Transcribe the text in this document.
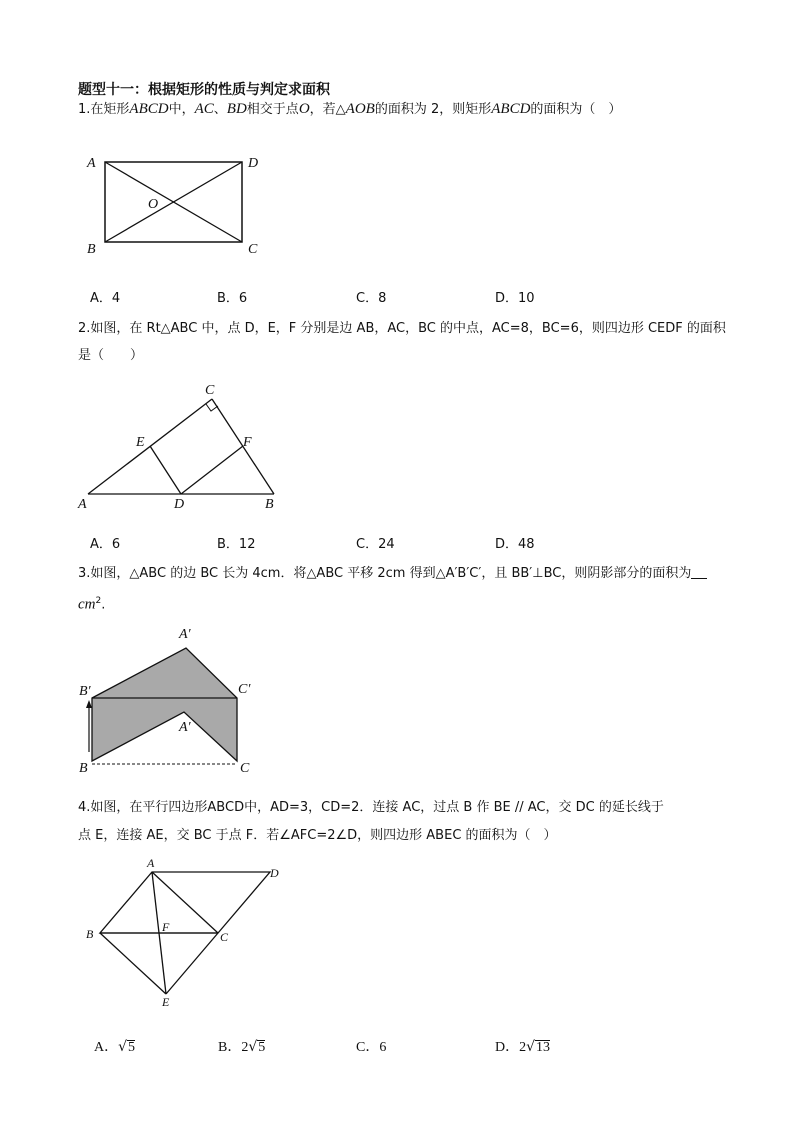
题型十一：根据矩形的性质与判定求面积
1.在矩形ABCD中，AC、BD相交于点O，若△AOB的面积为 2，则矩形ABCD的面积为（　）
A	D
B	C
O
A．4	B．6	C．8	D．10
2.如图，在 Rt△ABC 中，点 D，E，F 分别是边 AB，AC，BC 的中点，AC=8，BC=6，则四边形 CEDF 的面积
是（　　）
A	B
C
D
E	F
A．6	B．12	C．24	D．48
3.如图，△ABC 的边 BC 长为 4cm．将△ABC 平移 2cm 得到△A′B′C′，且 BB′⊥BC，则阴影部分的面积为
$cm^2$.
A′
B′	C′
A′
B	C
4.如图，在平行四边形ABCD中，AD=3，CD=2．连接 AC，过点 B 作 BE // AC，交 DC 的延长线于
点 E，连接 AE，交 BC 于点 F．若∠AFC=2∠D，则四边形 ABEC 的面积为（　）
A
D
B	C
F
E
A．√5	B．2√5	C．6	D．2√13
